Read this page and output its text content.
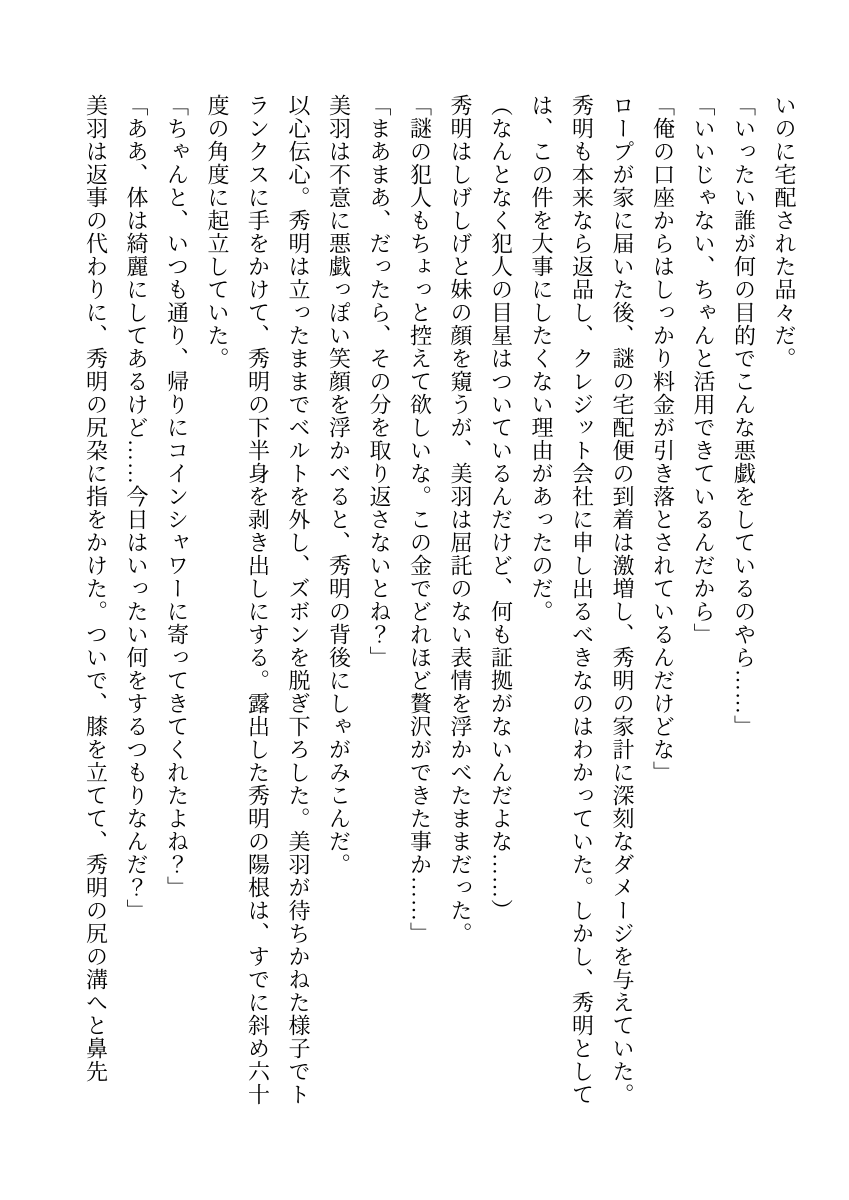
いのに宅配された品々だ。

「いったい誰が何の目的でこんな悪戯をしているのやら……」

「いいじゃない、ちゃんと活用できているんだから」

「俺の口座からはしっかり料金が引き落とされているんだけどな」

ロープが家に届いた後、謎の宅配便の到着は激増し、秀明の家計に深刻なダメージを与えていた。

秀明も本来なら返品し、クレジット会社に申し出るべきなのはわかっていた。しかし、秀明としては、この件を大事にしたくない理由があったのだ。

（なんとなく犯人の目星はついているんだけど、何も証拠がないんだよな……）

秀明はしげしげと妹の顔を窺うが、美羽は屈託のない表情を浮かべたままだった。

「謎の犯人もちょっと控えて欲しいな。この金でどれほど贅沢ができた事か……」

「まあまあ、だったら、その分を取り返さないとね？」

美羽は不意に悪戯っぽい笑顔を浮かべると、秀明の背後にしゃがみこんだ。

以心伝心。秀明は立ったままでベルトを外し、ズボンを脱ぎ下ろした。美羽が待ちかねた様子でトランクスに手をかけて、秀明の下半身を剥き出しにする。露出した秀明の陽根は、すでに斜め六十度の角度に起立していた。

「ちゃんと、いつも通り、帰りにコインシャワーに寄ってきてくれたよね？」

「ああ、体は綺麗にしてあるけど……今日はいったい何をするつもりなんだ？」

美羽は返事の代わりに、秀明の尻朶に指をかけた。ついで、膝を立てて、秀明の尻の溝へと鼻先
